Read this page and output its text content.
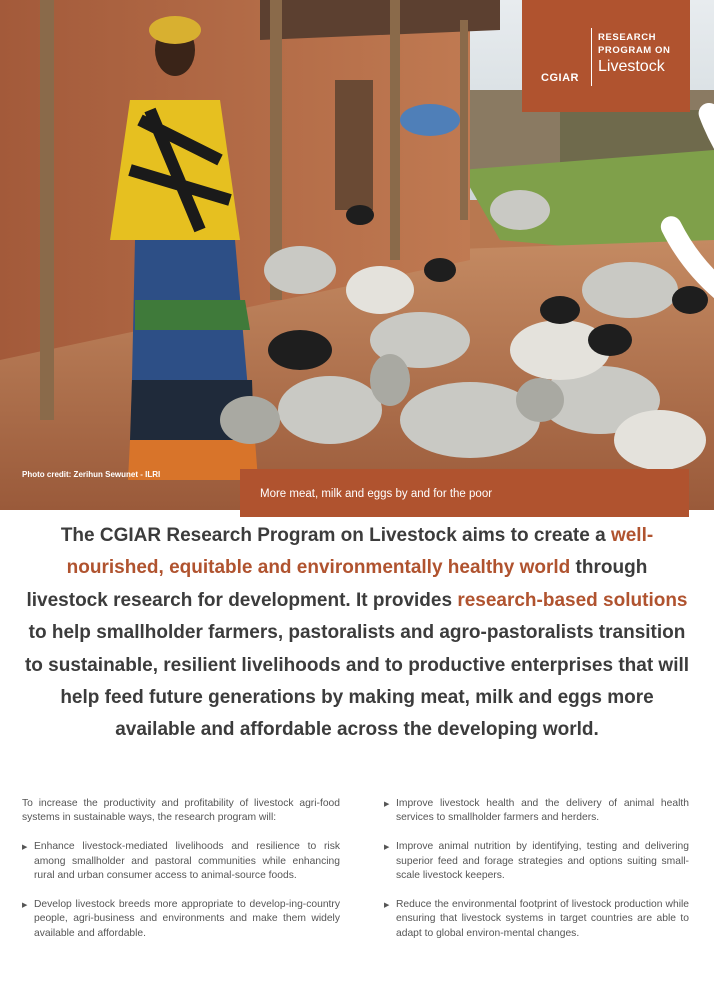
CGIAR
RESEARCH
PROGRAM ON
Livestock
Photo credit: Zerihun Sewunet - ILRI
More meat, milk and eggs by and for the poor
The CGIAR Research Program on Livestock aims to create a well-nourished, equitable and environmentally healthy world through livestock research for development. It provides research-based solutions to help smallholder farmers, pastoralists and agro-pastoralists transition to sustainable, resilient livelihoods and to productive enterprises that will help feed future generations by making meat, milk and eggs more available and affordable across the developing world.

To increase the productivity and profitability of livestock agri-food systems in sustainable ways, the research program will:

▶ Enhance livestock-mediated livelihoods and resilience to risk among smallholder and pastoral communities while enhancing rural and urban consumer access to animal-source foods.
▶ Develop livestock breeds more appropriate to develop-ing-country people, agri-business and environments and make them widely available and affordable.
▶ Improve livestock health and the delivery of animal health services to smallholder farmers and herders.
▶ Improve animal nutrition by identifying, testing and delivering superior feed and forage strategies and options suiting small-scale livestock keepers.
▶ Reduce the environmental footprint of livestock production while ensuring that livestock systems in target countries are able to adapt to global environ-mental changes.
